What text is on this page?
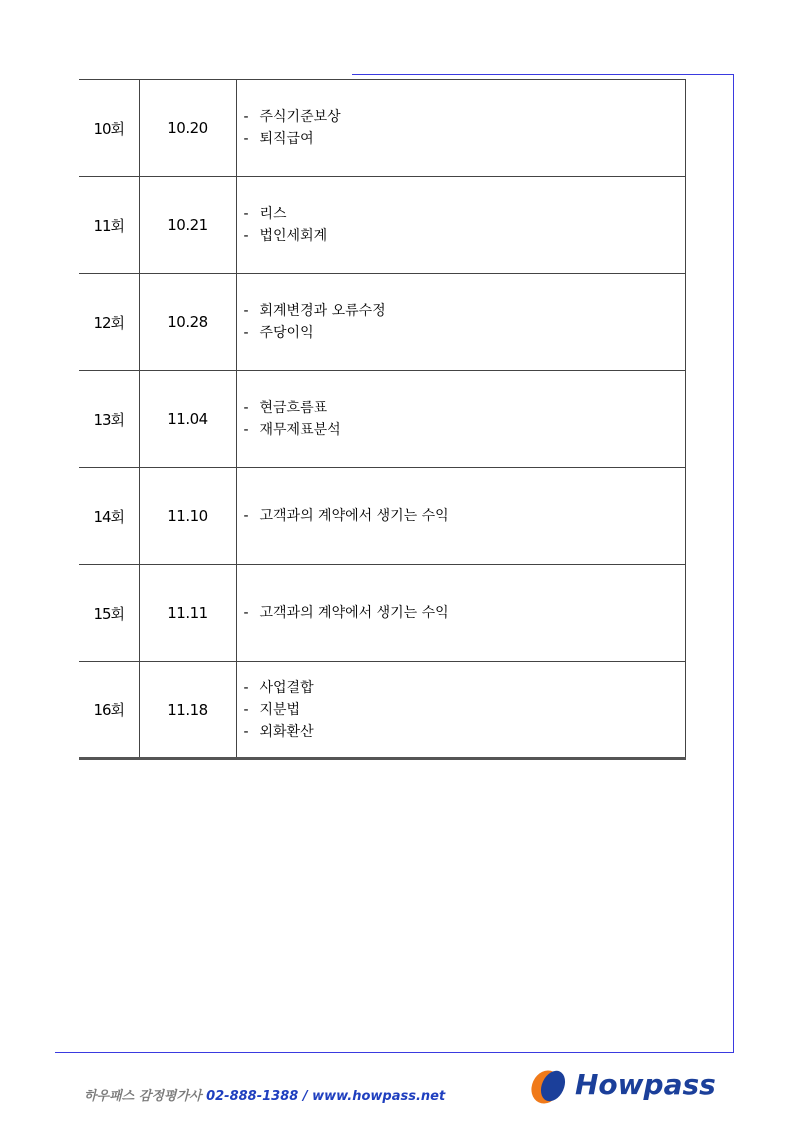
10회	10.20	- 주식기준보상
- 퇴직급여

11회	10.21	- 리스
- 법인세회계

12회	10.28	- 회계변경과 오류수정
- 주당이익

13회	11.04	- 현금흐름표
- 재무제표분석

14회	11.10	- 고객과의 계약에서 생기는 수익

15회	11.11	- 고객과의 계약에서 생기는 수익

16회	11.18	- 사업결합
- 지분법
- 외화환산
하우패스 감정평가사 02-888-1388 / www.howpass.net	Howpass
